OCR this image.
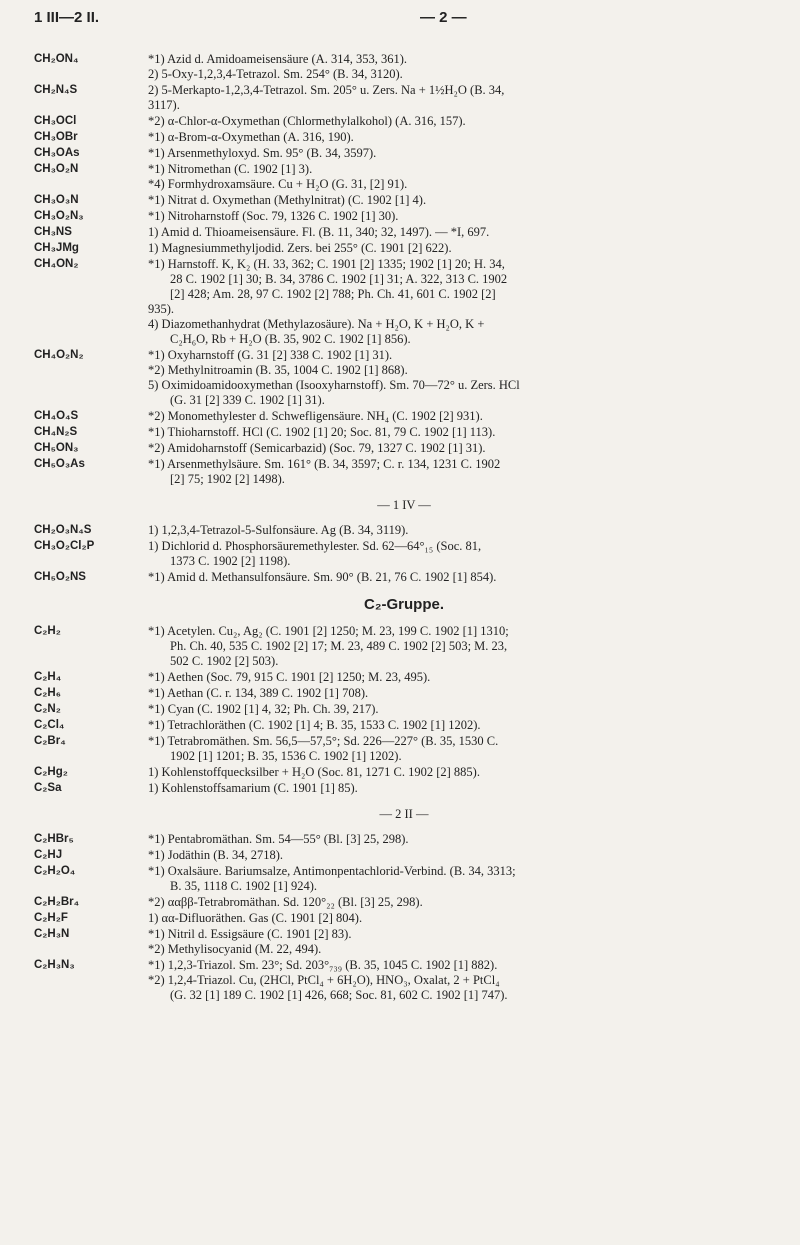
1 III—2 II.	— 2 —
CH₂ON₄	*1) Azid d. Amidoameisensäure (A. 314, 353, 361).
2) 5-Oxy-1,2,3,4-Tetrazol. Sm. 254° (B. 34, 3120).
CH₂N₄S	2) 5-Merkapto-1,2,3,4-Tetrazol. Sm. 205° u. Zers. Na + 1½H₂O (B. 34,
3117).
CH₃OCl	*2) α-Chlor-α-Oxymethan (Chlormethylalkohol) (A. 316, 157).
CH₃OBr	*1) α-Brom-α-Oxymethan (A. 316, 190).
CH₃OAs	*1) Arsenmethyloxyd. Sm. 95° (B. 34, 3597).
CH₃O₂N	*1) Nitromethan (C. 1902 [1] 3).
*4) Formhydroxamsäure. Cu + H₂O (G. 31, [2] 91).
CH₃O₃N	*1) Nitrat d. Oxymethan (Methylnitrat) (C. 1902 [1] 4).
CH₃O₂N₃	*1) Nitroharnstoff (Soc. 79, 1326 C. 1902 [1] 30).
CH₃NS	1) Amid d. Thioameisensäure. Fl. (B. 11, 340; 32, 1497). — *I, 697.
CH₃JMg	1) Magnesiummethyljodid. Zers. bei 255° (C. 1901 [2] 622).
CH₄ON₂	*1) Harnstoff. K, K₂ (H. 33, 362; C. 1901 [2] 1335; 1902 [1] 20; H. 34,
28 C. 1902 [1] 30; B. 34, 3786 C. 1902 [1] 31; A. 322, 313 C. 1902
[2] 428; Am. 28, 97 C. 1902 [2] 788; Ph. Ch. 41, 601 C. 1902 [2]
935).
4) Diazomethanhydrat (Methylazosäure). Na + H₂O, K + H₂O, K +
C₂H₆O, Rb + H₂O (B. 35, 902 C. 1902 [1] 856).
CH₄O₂N₂	*1) Oxyharnstoff (G. 31 [2] 338 C. 1902 [1] 31).
*2) Methylnitroamin (B. 35, 1004 C. 1902 [1] 868).
5) Oximidoamidooxymethan (Isooxyharnstoff). Sm. 70—72° u. Zers. HCl
(G. 31 [2] 339 C. 1902 [1] 31).
CH₄O₄S	*2) Monomethylester d. Schwefligensäure. NH₄ (C. 1902 [2] 931).
CH₄N₂S	*1) Thioharnstoff. HCl (C. 1902 [1] 20; Soc. 81, 79 C. 1902 [1] 113).
CH₅ON₃	*2) Amidoharnstoff (Semicarbazid) (Soc. 79, 1327 C. 1902 [1] 31).
CH₅O₃As	*1) Arsenmethylsäure. Sm. 161° (B. 34, 3597; C. r. 134, 1231 C. 1902
[2] 75; 1902 [2] 1498).
— 1 IV —
CH₂O₃N₄S	1) 1,2,3,4-Tetrazol-5-Sulfonsäure. Ag (B. 34, 3119).
CH₃O₂Cl₂P	1) Dichlorid d. Phosphorsäuremethylester. Sd. 62—64°₁₅ (Soc. 81,
1373 C. 1902 [2] 1198).
CH₅O₂NS	*1) Amid d. Methansulfonsäure. Sm. 90° (B. 21, 76 C. 1902 [1] 854).
C₂-Gruppe.
C₂H₂	*1) Acetylen. Cu₂, Ag₂ (C. 1901 [2] 1250; M. 23, 199 C. 1902 [1] 1310;
Ph. Ch. 40, 535 C. 1902 [2] 17; M. 23, 489 C. 1902 [2] 503; M. 23,
502 C. 1902 [2] 503).
C₂H₄	*1) Aethen (Soc. 79, 915 C. 1901 [2] 1250; M. 23, 495).
C₂H₆	*1) Aethan (C. r. 134, 389 C. 1902 [1] 708).
C₂N₂	*1) Cyan (C. 1902 [1] 4, 32; Ph. Ch. 39, 217).
C₂Cl₄	*1) Tetrachloräthen (C. 1902 [1] 4; B. 35, 1533 C. 1902 [1] 1202).
C₂Br₄	*1) Tetrabromäthen. Sm. 56,5—57,5°; Sd. 226—227° (B. 35, 1530 C.
1902 [1] 1201; B. 35, 1536 C. 1902 [1] 1202).
C₂Hg₂	1) Kohlenstoffquecksilber + H₂O (Soc. 81, 1271 C. 1902 [2] 885).
C₂Sa	1) Kohlenstoffsamarium (C. 1901 [1] 85).
— 2 II —
C₂HBr₅	*1) Pentabromäthan. Sm. 54—55° (Bl. [3] 25, 298).
C₂HJ	*1) Jodäthin (B. 34, 2718).
C₂H₂O₄	*1) Oxalsäure. Bariumsalze, Antimonpentachlorid-Verbind. (B. 34, 3313;
B. 35, 1118 C. 1902 [1] 924).
C₂H₂Br₄	*2) ααββ-Tetrabromäthan. Sd. 120°₂₂ (Bl. [3] 25, 298).
C₂H₂F	1) αα-Difluoräthen. Gas (C. 1901 [2] 804).
C₂H₃N	*1) Nitril d. Essigsäure (C. 1901 [2] 83).
*2) Methylisocyanid (M. 22, 494).
C₂H₃N₃	*1) 1,2,3-Triazol. Sm. 23°; Sd. 203°₇₃₉ (B. 35, 1045 C. 1902 [1] 882).
*2) 1,2,4-Triazol. Cu, (2HCl, PtCl₄ + 6H₂O), HNO₃, Oxalat, 2 + PtCl₄
(G. 32 [1] 189 C. 1902 [1] 426, 668; Soc. 81, 602 C. 1902 [1] 747).
